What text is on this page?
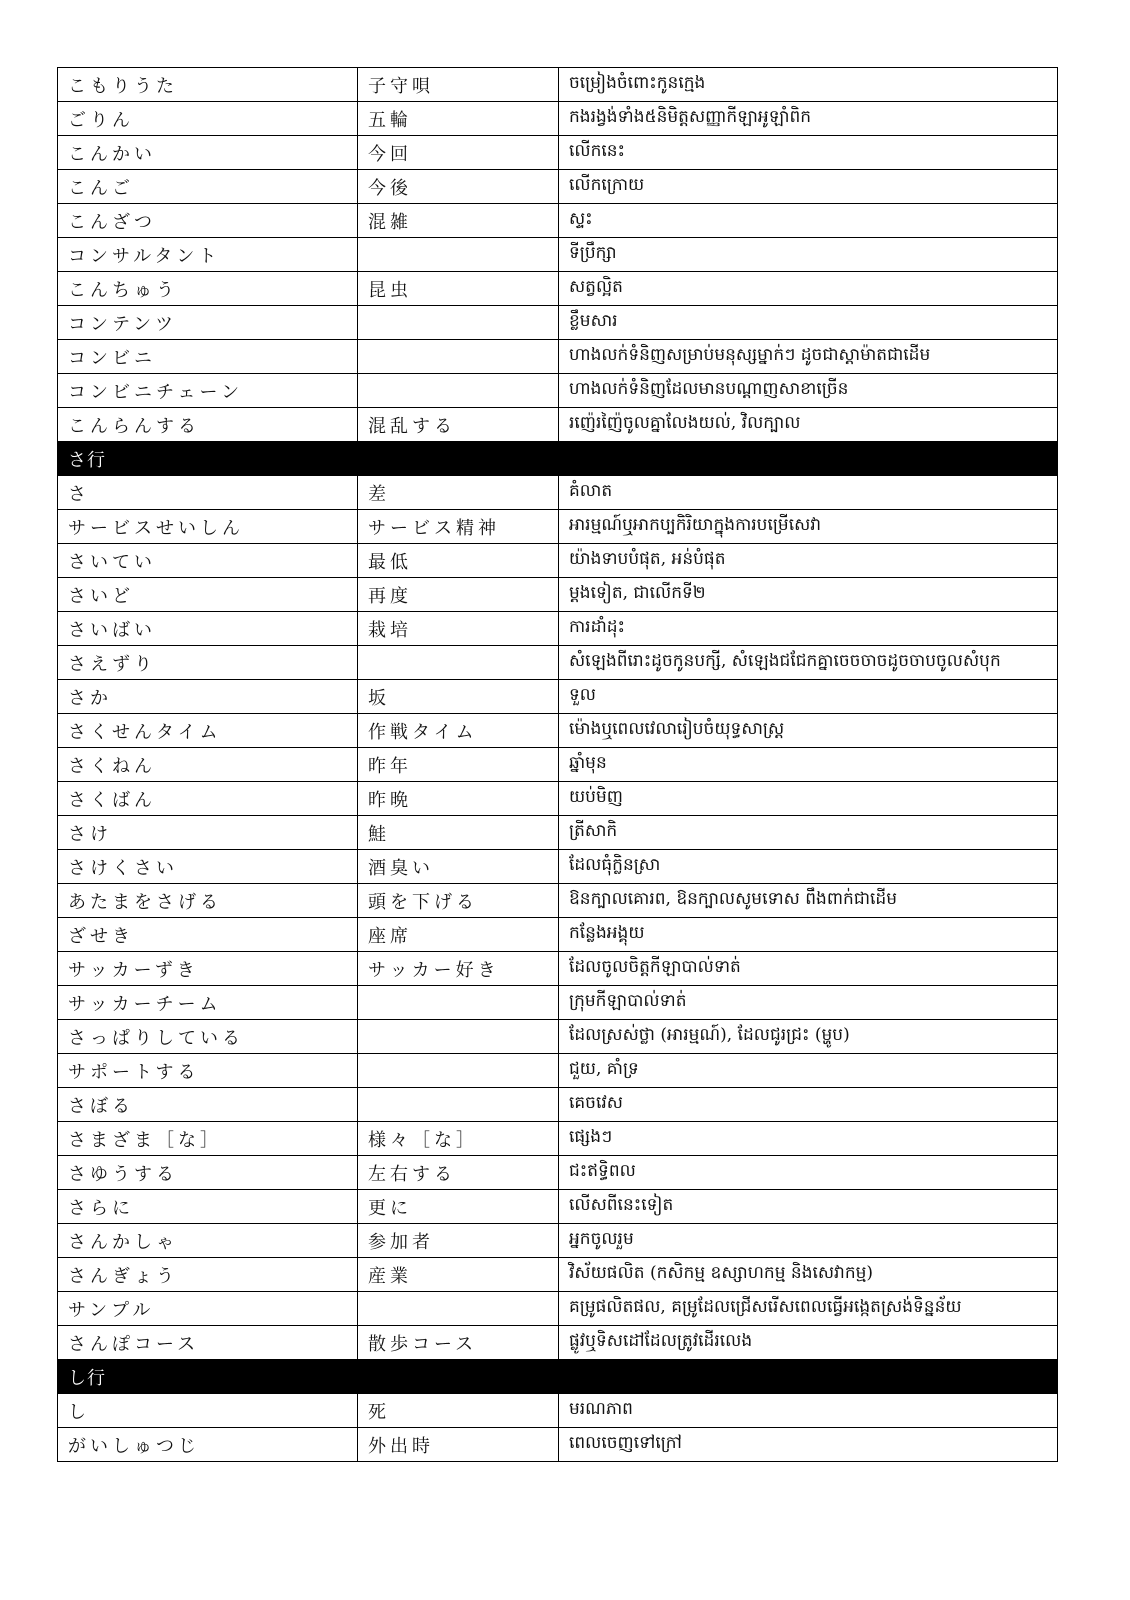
こもりうた	子守唄	ចម្រៀងចំពោះកូនក្មេង
ごりん	五輪	កងរង្វង់ទាំង៥និមិត្តសញ្ញាកីឡាអូឡាំពិក
こんかい	今回	លើកនេះ
こんご	今後	លើកក្រោយ
こんざつ	混雑	ស្ទះ
コンサルタント		ទីប្រឹក្សា
こんちゅう	昆虫	សត្វល្អិត
コンテンツ		ខ្លឹមសារ
コンビニ		ហាងលក់ទំនិញសម្រាប់មនុស្សម្នាក់ៗ ដូចជាស្តាម៉ាតជាដើម
コンビニチェーン		ហាងលក់ទំនិញដែលមានបណ្តាញសាខាច្រើន
こんらんする	混乱する	រញ៉េរញ៉ៃចូលគ្នាលែងយល់, វិលក្បាល
さ行		
さ	差	គំលាត
サービスせいしん	サービス精神	អារម្មណ៍ឬអាកប្បកិរិយាក្នុងការបម្រើសេវា
さいてい	最低	យ៉ាងទាបបំផុត, អន់បំផុត
さいど	再度	ម្តងទៀត, ជាលើកទី២
さいばい	栽培	ការដាំដុះ
さえずり		សំឡេងពីរោះដូចកូនបក្សី, សំឡេងជជែកគ្នាចេចចាចដូចចាបចូលសំបុក
さか	坂	ទួល
さくせんタイム	作戦タイム	ម៉ោងឬពេលវេលារៀបចំយុទ្ធសាស្ត្រ
さくねん	昨年	ឆ្នាំមុន
さくばん	昨晩	យប់មិញ
さけ	鮭	ត្រីសាកិ
さけくさい	酒臭い	ដែលធុំក្លិនស្រា
あたまをさげる	頭を下げる	ឱនក្បាលគោរព, ឱនក្បាលសូមទោស ពឹងពាក់ជាដើម
ざせき	座席	កន្លែងអង្គុយ
サッカーずき	サッカー好き	ដែលចូលចិត្តកីឡាបាល់ទាត់
サッカーチーム		ក្រុមកីឡាបាល់ទាត់
さっぱりしている		ដែលស្រស់ថ្លា (អារម្មណ៍), ដែលជូរជ្រះ (ម្ហូប)
サポートする		ជួយ, គាំទ្រ
さぼる		គេចវេស
さまざま［な］	様々［な］	ផ្សេងៗ
さゆうする	左右する	ជះឥទ្ធិពល
さらに	更に	លើសពីនេះទៀត
さんかしゃ	参加者	អ្នកចូលរួម
さんぎょう	産業	វិស័យផលិត (កសិកម្ម ឧស្សាហកម្ម និងសេវាកម្ម)
サンプル		គម្រូផលិតផល, គម្រូដែលជ្រើសរើសពេលធ្វើអង្កេតស្រង់ទិន្នន័យ
さんぽコース	散歩コース	ផ្លូវឬទិសដៅដែលត្រូវដើរលេង
し行		
し	死	មរណភាព
がいしゅつじ	外出時	ពេលចេញទៅក្រៅ
